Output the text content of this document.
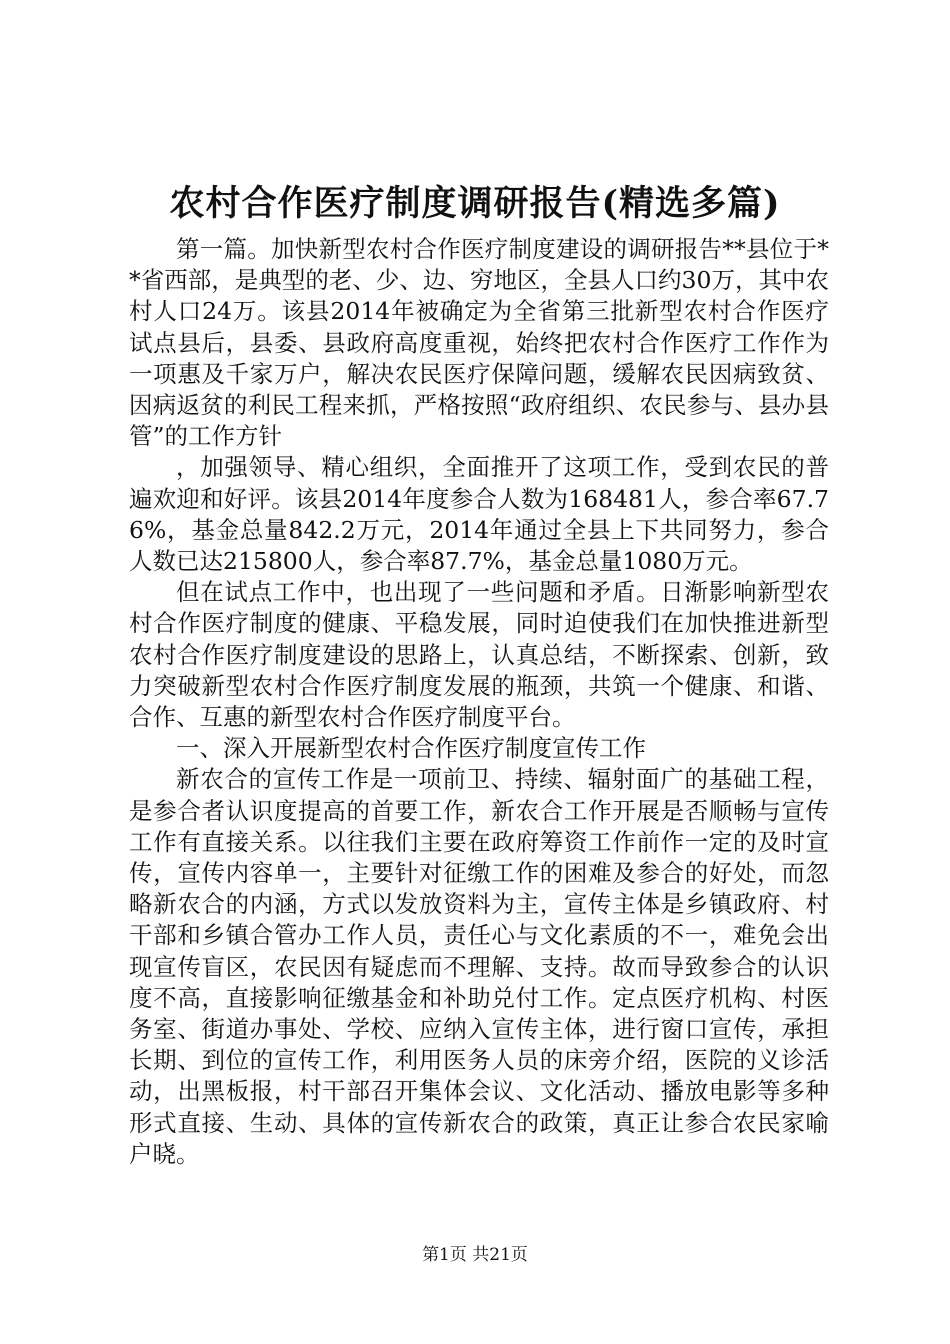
农村合作医疗制度调研报告(精选多篇)

第一篇。加快新型农村合作医疗制度建设的调研报告**县位于**省西部，是典型的老、少、边、穷地区，全县人口约30万，其中农村人口24万。该县2014年被确定为全省第三批新型农村合作医疗试点县后，县委、县政府高度重视，始终把农村合作医疗工作作为一项惠及千家万户，解决农民医疗保障问题，缓解农民因病致贫、因病返贫的利民工程来抓，严格按照“政府组织、农民参与、县办县管”的工作方针

，加强领导、精心组织，全面推开了这项工作，受到农民的普遍欢迎和好评。该县2014年度参合人数为168481人，参合率67.76%，基金总量842.2万元，2014年通过全县上下共同努力，参合人数已达215800人，参合率87.7%，基金总量1080万元。

但在试点工作中，也出现了一些问题和矛盾。日渐影响新型农村合作医疗制度的健康、平稳发展，同时迫使我们在加快推进新型农村合作医疗制度建设的思路上，认真总结，不断探索、创新，致力突破新型农村合作医疗制度发展的瓶颈，共筑一个健康、和谐、合作、互惠的新型农村合作医疗制度平台。

一、深入开展新型农村合作医疗制度宣传工作

新农合的宣传工作是一项前卫、持续、辐射面广的基础工程，是参合者认识度提高的首要工作，新农合工作开展是否顺畅与宣传工作有直接关系。以往我们主要在政府筹资工作前作一定的及时宣传，宣传内容单一，主要针对征缴工作的困难及参合的好处，而忽略新农合的内涵，方式以发放资料为主，宣传主体是乡镇政府、村干部和乡镇合管办工作人员，责任心与文化素质的不一，难免会出现宣传盲区，农民因有疑虑而不理解、支持。故而导致参合的认识度不高，直接影响征缴基金和补助兑付工作。定点医疗机构、村医务室、街道办事处、学校、应纳入宣传主体，进行窗口宣传，承担长期、到位的宣传工作，利用医务人员的床旁介绍，医院的义诊活动，出黑板报，村干部召开集体会议、文化活动、播放电影等多种形式直接、生动、具体的宣传新农合的政策，真正让参合农民家喻户晓。

第1页 共21页
